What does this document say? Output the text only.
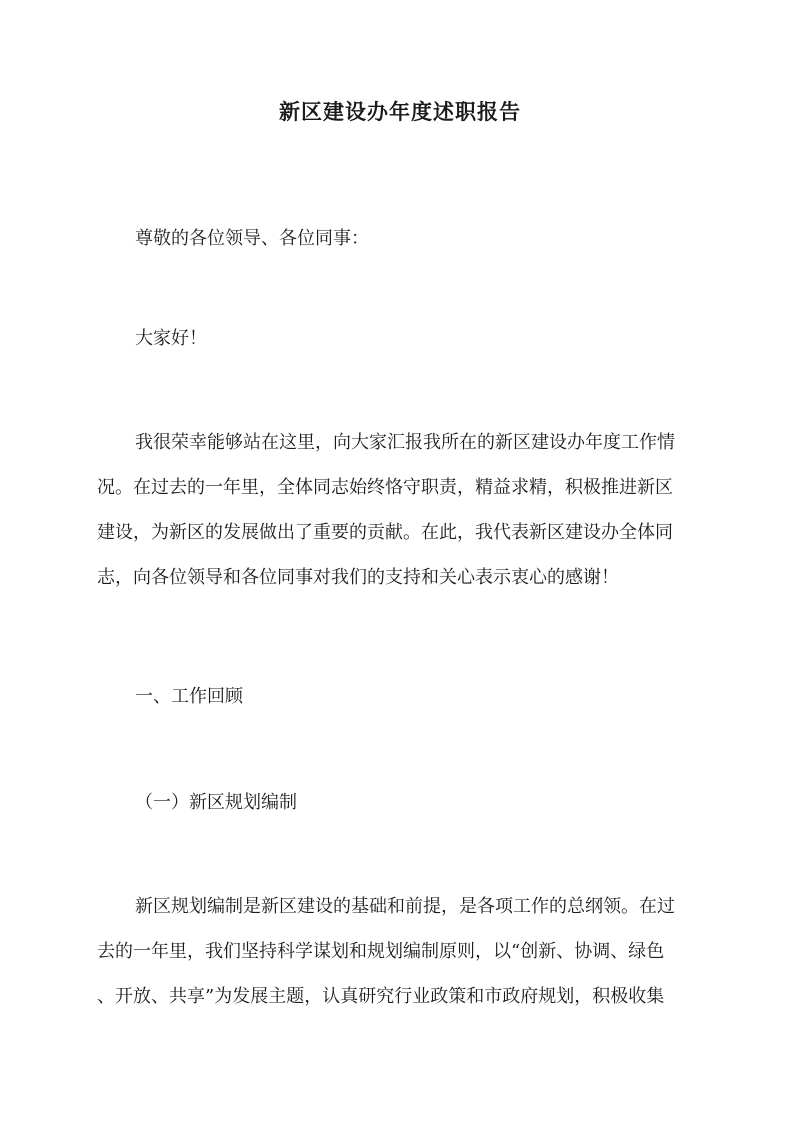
新区建设办年度述职报告

尊敬的各位领导、各位同事：

大家好！

我很荣幸能够站在这里，向大家汇报我所在的新区建设办年度工作情
况。在过去的一年里，全体同志始终恪守职责，精益求精，积极推进新区
建设，为新区的发展做出了重要的贡献。在此，我代表新区建设办全体同
志，向各位领导和各位同事对我们的支持和关心表示衷心的感谢！

一、工作回顾

（一）新区规划编制

新区规划编制是新区建设的基础和前提，是各项工作的总纲领。在过
去的一年里，我们坚持科学谋划和规划编制原则，以“创新、协调、绿色
、开放、共享”为发展主题，认真研究行业政策和市政府规划，积极收集
